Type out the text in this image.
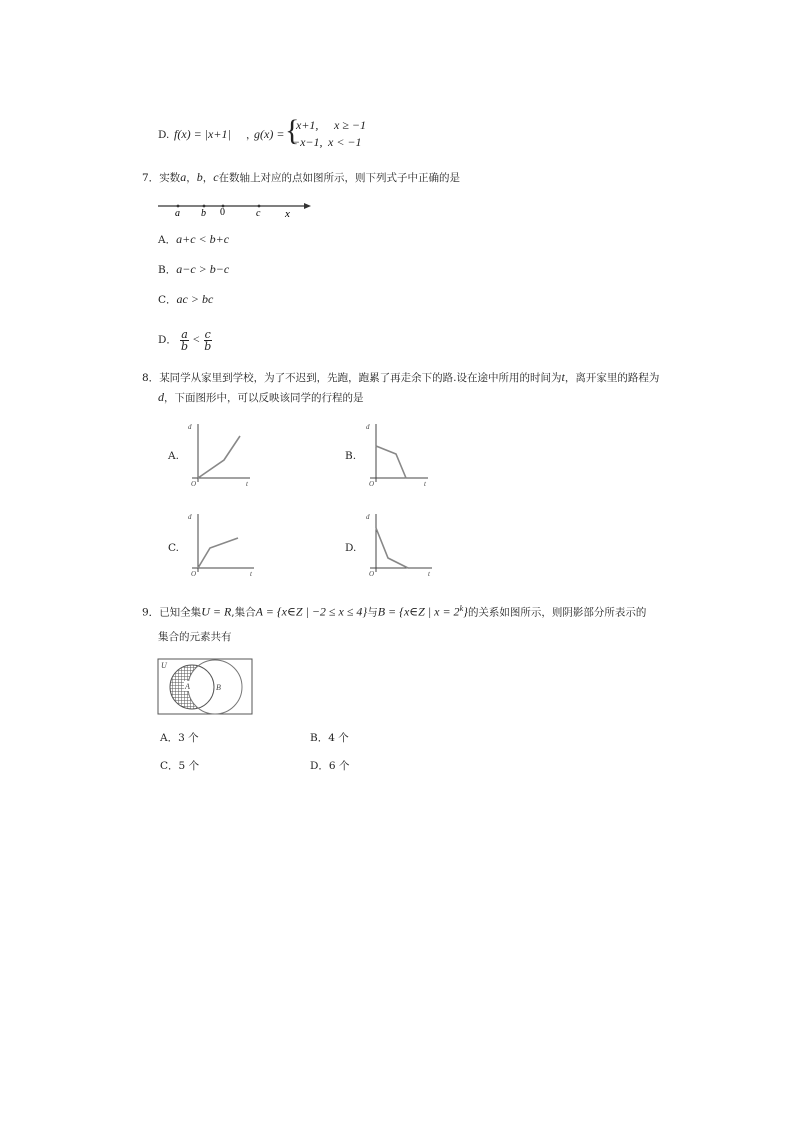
D. f(x) = |x+1| ，
g(x) = {
x+1, x ≥ −1
−x−1, x < −1
7．实数a，b，c在数轴上对应的点如图所示，则下列式子中正确的是
a b 0	c x
A．a+c < b+c
B．a−c > b−c
C．ac > bc
D． $\frac{a}{b} < \frac{c}{b}$
8．某同学从家里到学校，为了不迟到，先跑，跑累了再走余下的路.设在途中所用的时间为t，离开家里的路程为
d，下面图形中，可以反映该同学的行程的是
A.
d
t
O
B.
d
t
O
C.
d
t
O
D.
d
t
O
9．已知全集U = R,集合A = {x∈Z | −2 ≤ x ≤ 4}与B = {x∈Z | $x = 2^k$}的关系如图所示，则阴影部分所表示的
集合的元素共有
U
A	B
A．3 个	B．4 个
C．5 个	D．6 个
